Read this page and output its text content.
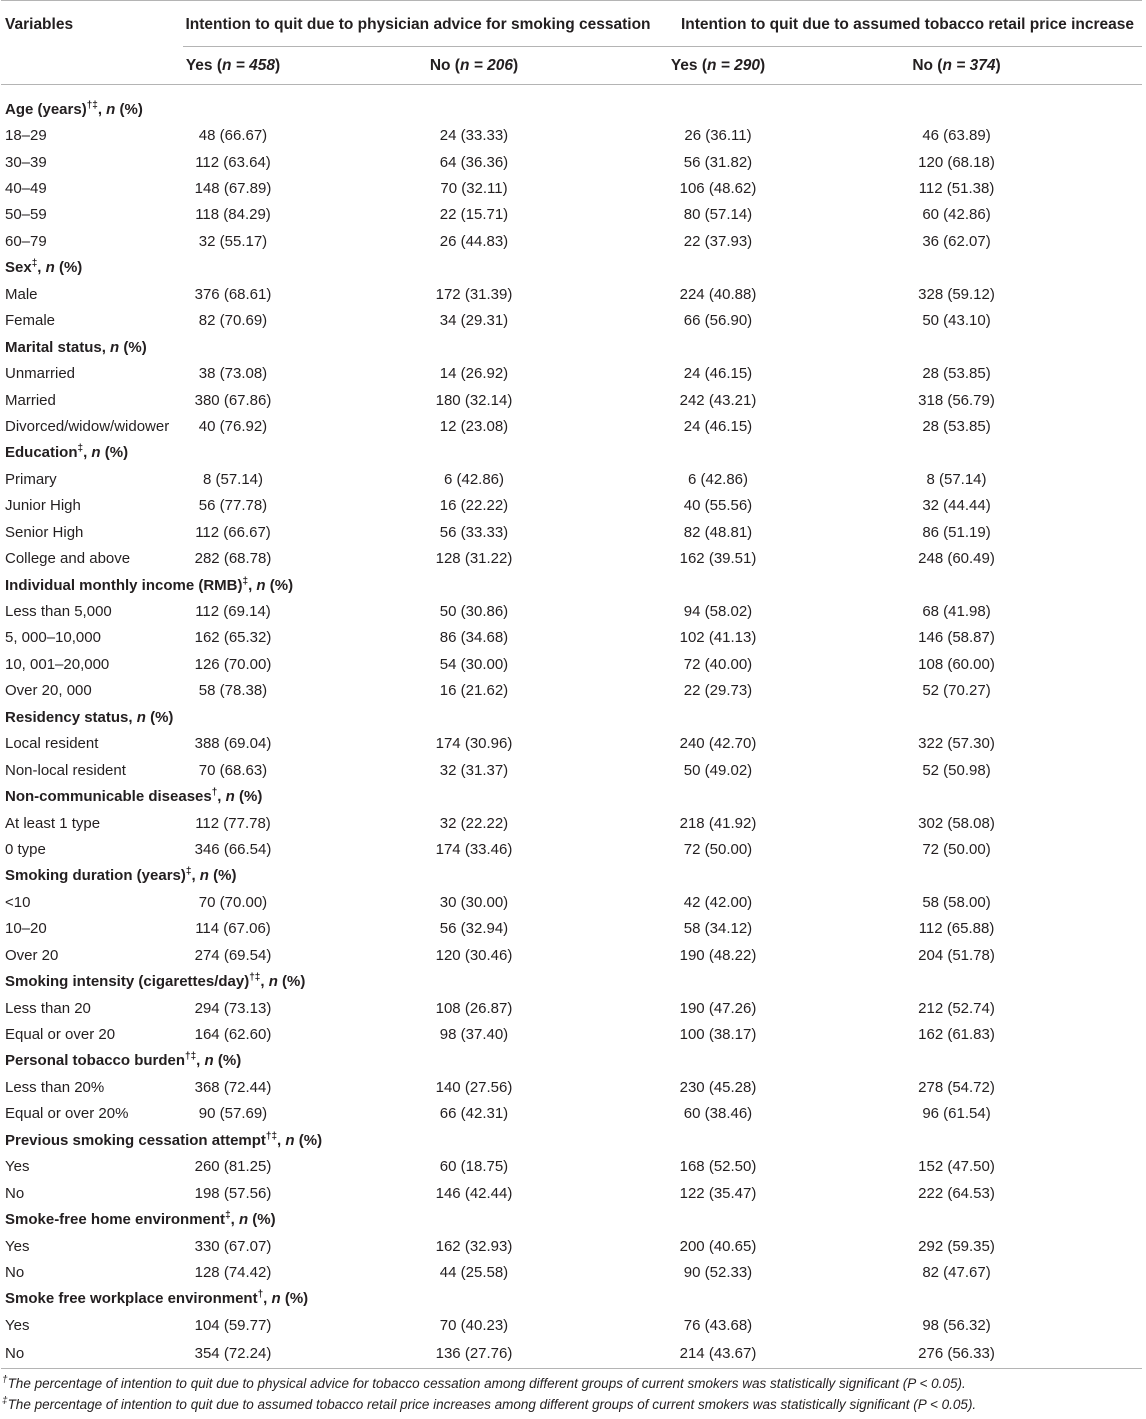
Variables	Intention to quit due to physician advice for smoking cessation		Intention to quit due to assumed tobacco retail price increase	
	Yes (n = 458)	No (n = 206)	Yes (n = 290)	No (n = 374)

Age (years)†‡, n (%)				
18–29	48 (66.67)	24 (33.33)	26 (36.11)	46 (63.89)
30–39	112 (63.64)	64 (36.36)	56 (31.82)	120 (68.18)
40–49	148 (67.89)	70 (32.11)	106 (48.62)	112 (51.38)
50–59	118 (84.29)	22 (15.71)	80 (57.14)	60 (42.86)
60–79	32 (55.17)	26 (44.83)	22 (37.93)	36 (62.07)
Sex‡, n (%)				
Male	376 (68.61)	172 (31.39)	224 (40.88)	328 (59.12)
Female	82 (70.69)	34 (29.31)	66 (56.90)	50 (43.10)
Marital status, n (%)				
Unmarried	38 (73.08)	14 (26.92)	24 (46.15)	28 (53.85)
Married	380 (67.86)	180 (32.14)	242 (43.21)	318 (56.79)
Divorced/widow/widower	40 (76.92)	12 (23.08)	24 (46.15)	28 (53.85)
Education‡, n (%)				
Primary	8 (57.14)	6 (42.86)	6 (42.86)	8 (57.14)
Junior High	56 (77.78)	16 (22.22)	40 (55.56)	32 (44.44)
Senior High	112 (66.67)	56 (33.33)	82 (48.81)	86 (51.19)
College and above	282 (68.78)	128 (31.22)	162 (39.51)	248 (60.49)
Individual monthly income (RMB)‡, n (%)				
Less than 5,000	112 (69.14)	50 (30.86)	94 (58.02)	68 (41.98)
5, 000–10,000	162 (65.32)	86 (34.68)	102 (41.13)	146 (58.87)
10, 001–20,000	126 (70.00)	54 (30.00)	72 (40.00)	108 (60.00)
Over 20, 000	58 (78.38)	16 (21.62)	22 (29.73)	52 (70.27)
Residency status, n (%)				
Local resident	388 (69.04)	174 (30.96)	240 (42.70)	322 (57.30)
Non-local resident	70 (68.63)	32 (31.37)	50 (49.02)	52 (50.98)
Non-communicable diseases†, n (%)				
At least 1 type	112 (77.78)	32 (22.22)	218 (41.92)	302 (58.08)
0 type	346 (66.54)	174 (33.46)	72 (50.00)	72 (50.00)
Smoking duration (years)‡, n (%)				
<10	70 (70.00)	30 (30.00)	42 (42.00)	58 (58.00)
10–20	114 (67.06)	56 (32.94)	58 (34.12)	112 (65.88)
Over 20	274 (69.54)	120 (30.46)	190 (48.22)	204 (51.78)
Smoking intensity (cigarettes/day)†‡, n (%)				
Less than 20	294 (73.13)	108 (26.87)	190 (47.26)	212 (52.74)
Equal or over 20	164 (62.60)	98 (37.40)	100 (38.17)	162 (61.83)
Personal tobacco burden†‡, n (%)				
Less than 20%	368 (72.44)	140 (27.56)	230 (45.28)	278 (54.72)
Equal or over 20%	90 (57.69)	66 (42.31)	60 (38.46)	96 (61.54)
Previous smoking cessation attempt†‡, n (%)				
Yes	260 (81.25)	60 (18.75)	168 (52.50)	152 (47.50)
No	198 (57.56)	146 (42.44)	122 (35.47)	222 (64.53)
Smoke-free home environment‡, n (%)				
Yes	330 (67.07)	162 (32.93)	200 (40.65)	292 (59.35)
No	128 (74.42)	44 (25.58)	90 (52.33)	82 (47.67)
Smoke free workplace environment†, n (%)				
Yes	104 (59.77)	70 (40.23)	76 (43.68)	98 (56.32)
No	354 (72.24)	136 (27.76)	214 (43.67)	276 (56.33)
†The percentage of intention to quit due to physical advice for tobacco cessation among different groups of current smokers was statistically significant (P < 0.05).
‡The percentage of intention to quit due to assumed tobacco retail price increases among different groups of current smokers was statistically significant (P < 0.05).
